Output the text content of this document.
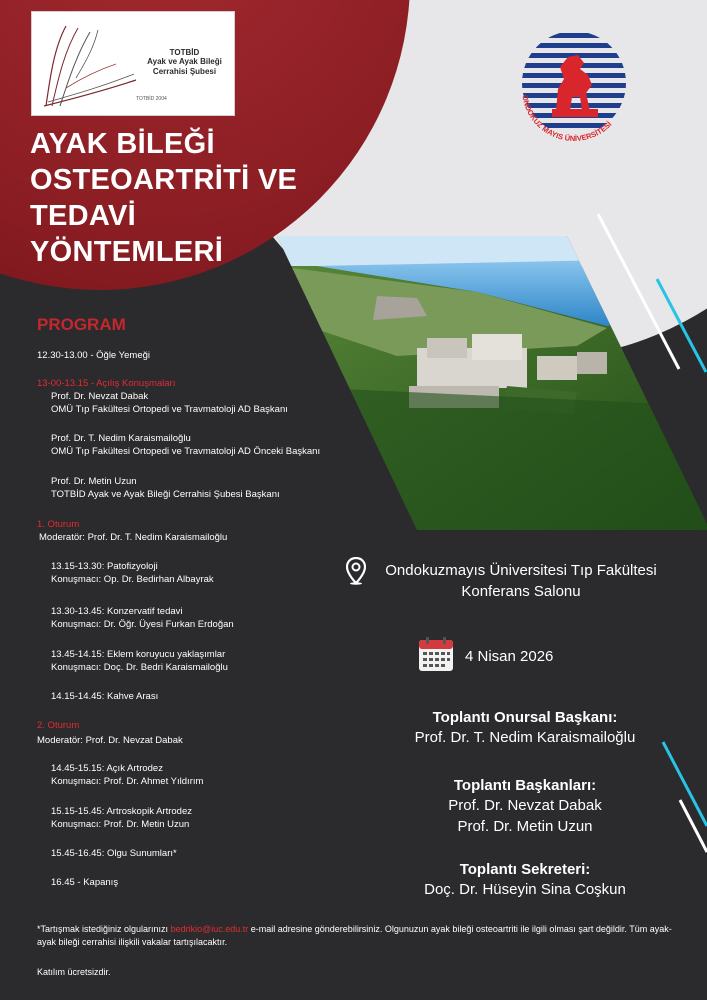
TOTBİD
Ayak ve Ayak Bileği
Cerrahisi Şubesi
TOTBİD 2004	ONDOKUZ MAYIS ÜNİVERSİTESİ
AYAK BİLEĞİ
OSTEOARTRİTİ VE
TEDAVİ
YÖNTEMLERİ
PROGRAM
12.30-13.00 - Öğle Yemeği
13-00-13.15 - Açılış Konuşmaları
Prof. Dr. Nevzat Dabak
OMÜ Tıp Fakültesi Ortopedi ve Travmatoloji AD Başkanı
Prof. Dr. T. Nedim Karaismailoğlu
OMÜ Tıp Fakültesi Ortopedi ve Travmatoloji AD Önceki Başkanı
Prof. Dr. Metin Uzun
TOTBİD Ayak ve Ayak Bileği Cerrahisi Şubesi Başkanı
1. Oturum
Moderatör: Prof. Dr. T. Nedim Karaismailoğlu
13.15-13.30: Patofizyoloji
Konuşmacı: Op. Dr. Bedirhan Albayrak
13.30-13.45: Konzervatif tedavi
Konuşmacı: Dr. Öğr. Üyesi Furkan Erdoğan
13.45-14.15: Eklem koruyucu yaklaşımlar
Konuşmacı: Doç. Dr. Bedri Karaismailoğlu
14.15-14.45: Kahve Arası
2. Oturum
Moderatör: Prof. Dr. Nevzat Dabak
14.45-15.15: Açık Artrodez
Konuşmacı: Prof. Dr. Ahmet Yıldırım
15.15-15.45: Artroskopik Artrodez
Konuşmacı: Prof. Dr. Metin Uzun
15.45-16.45: Olgu Sunumları*
16.45 - Kapanış
Ondokuzmayıs Üniversitesi Tıp Fakültesi
Konferans Salonu
4 Nisan 2026
Toplantı Onursal Başkanı:
Prof. Dr. T. Nedim Karaismailoğlu
Toplantı Başkanları:
Prof. Dr. Nevzat Dabak
Prof. Dr. Metin Uzun
Toplantı Sekreteri:
Doç. Dr. Hüseyin Sina Coşkun
*Tartışmak istediğiniz olgularınızı bedrikio@iuc.edu.tr e-mail adresine gönderebilirsiniz. Olgunuzun ayak bileği osteoartriti ile ilgili olması şart değildir. Tüm ayak-ayak bileği cerrahisi ilişkili vakalar tartışılacaktır.
Katılım ücretsizdir.
